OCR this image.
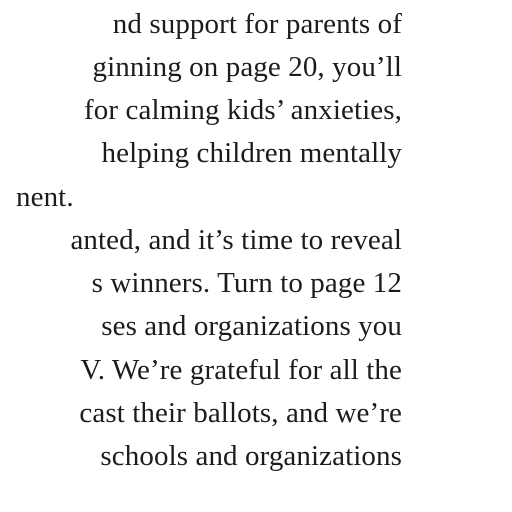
nd support for parents of
ginning on page 20, you’ll
for calming kids’ anxieties,
helping children mentally
nent.
anted, and it’s time to reveal
s winners. Turn to page 12
ses and organizations you
V. We’re grateful for all the
cast their ballots, and we’re
schools and organizations
